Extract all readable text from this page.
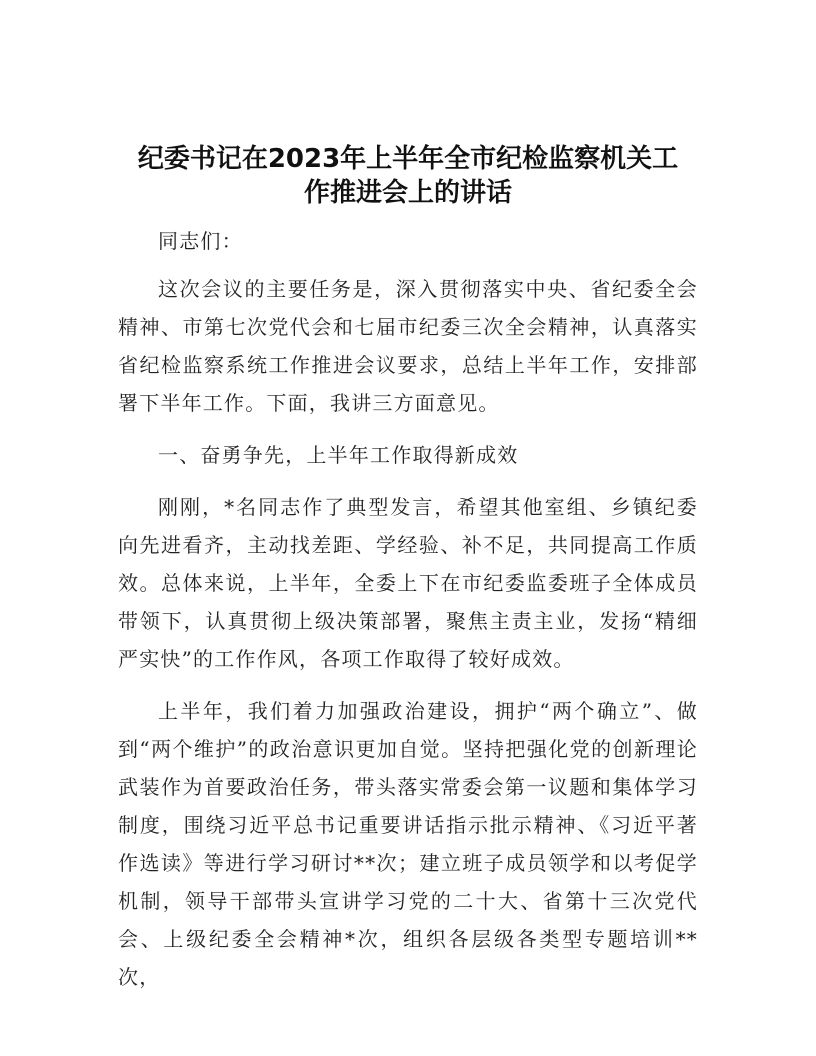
纪委书记在2023年上半年全市纪检监察机关工
作推进会上的讲话

同志们：

这次会议的主要任务是，深入贯彻落实中央、省纪委全会精神、市第七次党代会和七届市纪委三次全会精神，认真落实省纪检监察系统工作推进会议要求，总结上半年工作，安排部署下半年工作。下面，我讲三方面意见。

一、奋勇争先，上半年工作取得新成效

刚刚，*名同志作了典型发言，希望其他室组、乡镇纪委向先进看齐，主动找差距、学经验、补不足，共同提高工作质效。总体来说，上半年，全委上下在市纪委监委班子全体成员带领下，认真贯彻上级决策部署，聚焦主责主业，发扬“精细严实快”的工作作风，各项工作取得了较好成效。

上半年，我们着力加强政治建设，拥护“两个确立”、做到“两个维护”的政治意识更加自觉。坚持把强化党的创新理论武装作为首要政治任务，带头落实常委会第一议题和集体学习制度，围绕习近平总书记重要讲话指示批示精神、《习近平著作选读》等进行学习研讨**次；建立班子成员领学和以考促学机制，领导干部带头宣讲学习党的二十大、省第十三次党代会、上级纪委全会精神*次，组织各层级各类型专题培训**次，
